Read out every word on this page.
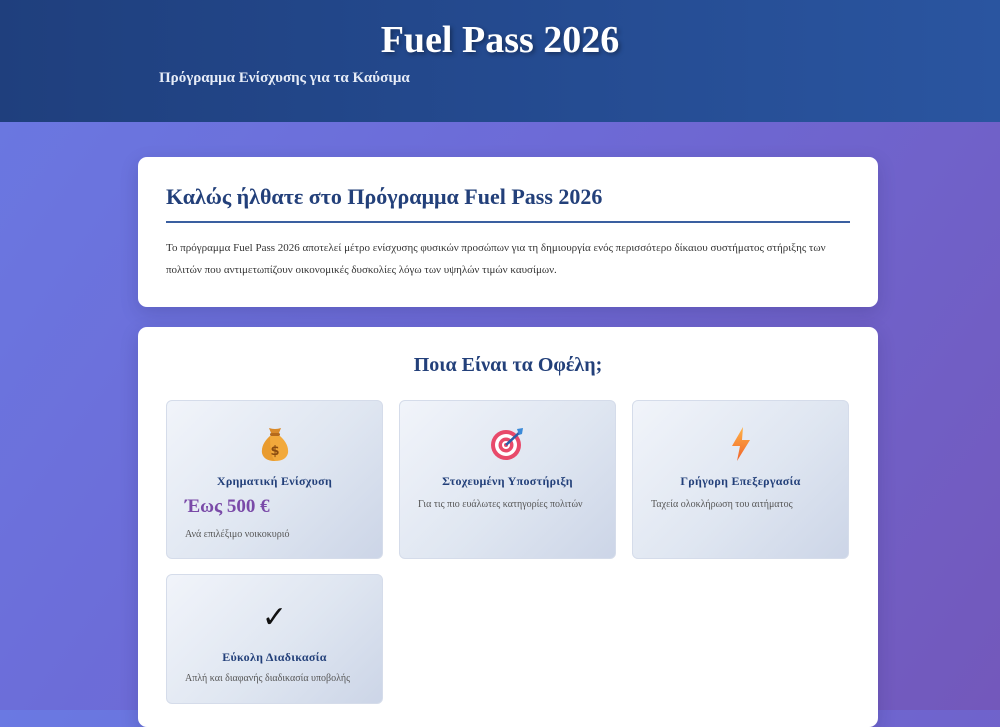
Fuel Pass 2026
Πρόγραμμα Ενίσχυσης για τα Καύσιμα
Καλώς ήλθατε στο Πρόγραμμα Fuel Pass 2026
Το πρόγραμμα Fuel Pass 2026 αποτελεί μέτρο ενίσχυσης φυσικών προσώπων για τη δημιουργία ενός περισσότερο δίκαιου συστήματος στήριξης των πολιτών που αντιμετωπίζουν οικονομικές δυσκολίες λόγω των υψηλών τιμών καυσίμων.
Ποια Είναι τα Οφέλη;
$
Χρηματική Ενίσχυση
Έως 500 €
Ανά επιλέξιμο νοικοκυριό
Στοχευμένη Υποστήριξη
Για τις πιο ευάλωτες κατηγορίες πολιτών
Γρήγορη Επεξεργασία
Ταχεία ολοκλήρωση του αιτήματος
✓
Εύκολη Διαδικασία
Απλή και διαφανής διαδικασία υποβολής
